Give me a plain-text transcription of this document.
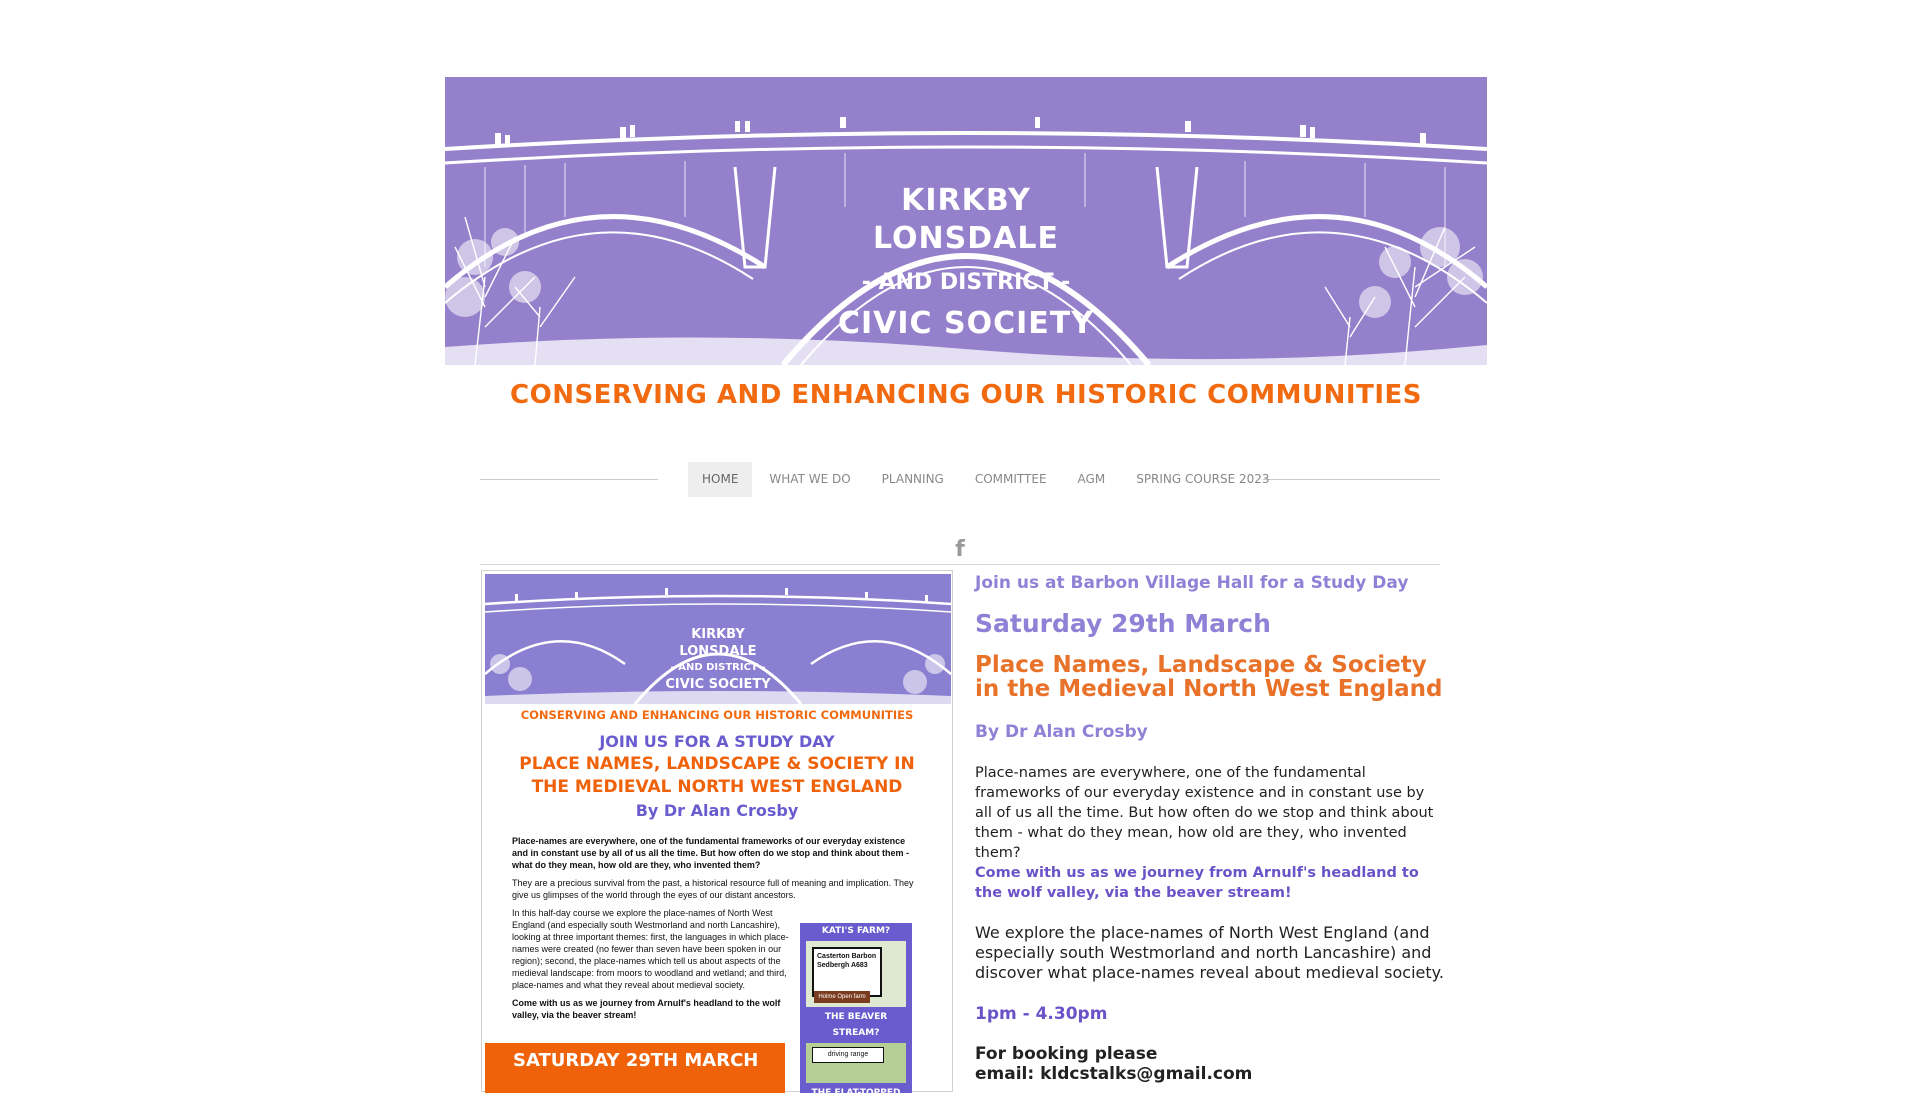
KIRKBY
LONSDALE
- AND DISTRICT -
CIVIC SOCIETY
CONSERVING AND ENHANCING OUR HISTORIC COMMUNITIES
HOME	WHAT WE DO	PLANNING	COMMITTEE	AGM	SPRING COURSE 2023
f
KIRKBY
LONSDALE
- AND DISTRICT -
CIVIC SOCIETY
CONSERVING AND ENHANCING OUR HISTORIC COMMUNITIES
JOIN US FOR A STUDY DAY
PLACE NAMES, LANDSCAPE & SOCIETY IN
THE MEDIEVAL NORTH WEST ENGLAND
By Dr Alan Crosby

Place-names are everywhere, one of the fundamental frameworks of our everyday existence and in constant use by all of us all the time. But how often do we stop and think about them - what do they mean, how old are they, who invented them?

They are a precious survival from the past, a historical resource full of meaning and implication. They give us glimpses of the world through the eyes of our distant ancestors.

In this half-day course we explore the place-names of North West England (and especially south Westmorland and north Lancashire), looking at three important themes: first, the languages in which place-names were created (no fewer than seven have been spoken in our region); second, the place-names which tell us about aspects of the medieval landscape: from moors to woodland and wetland; and third, place-names and what they reveal about medieval society.

Come with us as we journey from Arnulf's headland to the wolf valley, via the beaver stream!

KATI'S FARM?
Casterton Barbon Sedbergh A683
Holme Open farm
THE BEAVER STREAM?
driving range
THE FLAT-TOPPED HILL?
SATURDAY 29TH MARCH
Join us at Barbon Village Hall for a Study Day
Saturday 29th March
Place Names, Landscape & Society
in the Medieval North West England
By Dr Alan Crosby
Place-names are everywhere, one of the fundamental frameworks of our everyday existence and in constant use by all of us all the time. But how often do we stop and think about them - what do they mean, how old are they, who invented them?
Come with us as we journey from Arnulf's headland to the wolf valley, via the beaver stream!
We explore the place-names of North West England (and especially south Westmorland and north Lancashire) and discover what place-names reveal about medieval society.
1pm - 4.30pm
For booking please
email: kldcstalks@gmail.com
